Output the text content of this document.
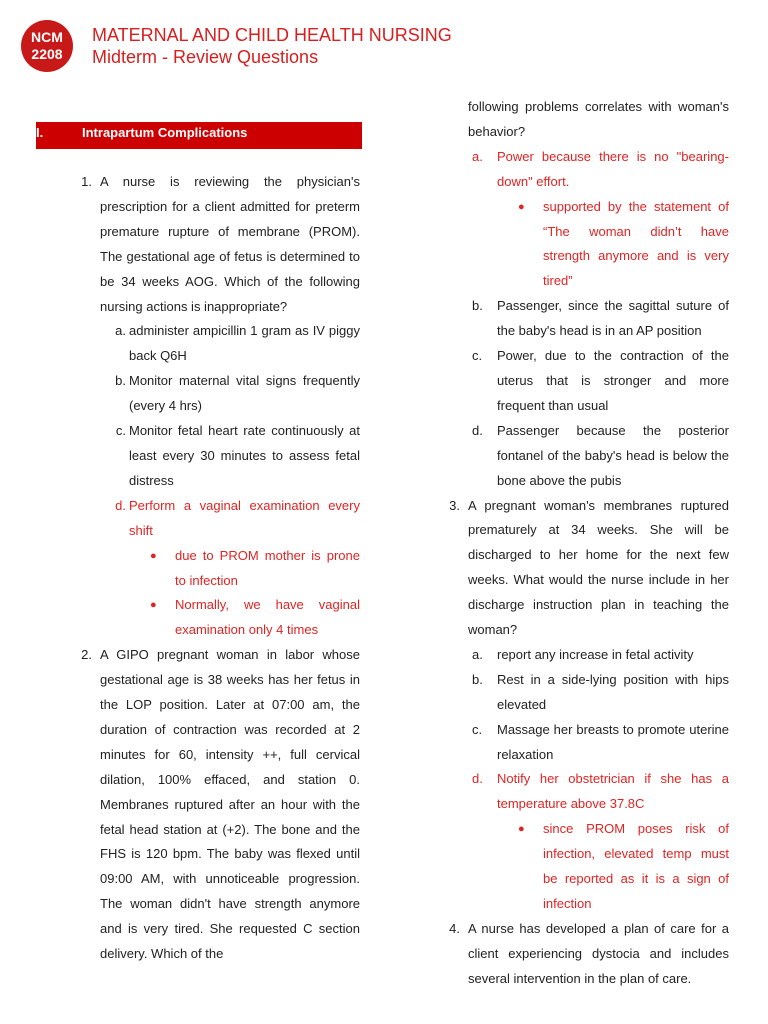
NCM
2208
MATERNAL AND CHILD HEALTH NURSING
Midterm - Review Questions
I.	Intrapartum Complications
1. A nurse is reviewing the physician's prescription for a client admitted for preterm premature rupture of membrane (PROM). The gestational age of fetus is determined to be 34 weeks AOG. Which of the following nursing actions is inappropriate?
a. administer ampicillin 1 gram as IV piggy back Q6H
b. Monitor maternal vital signs frequently (every 4 hrs)
c. Monitor fetal heart rate continuously at least every 30 minutes to assess fetal distress
d. Perform a vaginal examination every shift
● due to PROM mother is prone to infection
● Normally, we have vaginal examination only 4 times
2. A GIPO pregnant woman in labor whose gestational age is 38 weeks has her fetus in the LOP position. Later at 07:00 am, the duration of contraction was recorded at 2 minutes for 60, intensity ++, full cervical dilation, 100% effaced, and station 0. Membranes ruptured after an hour with the fetal head station at (+2). The bone and the FHS is 120 bpm. The baby was flexed until 09:00 AM, with unnoticeable progression. The woman didn't have strength anymore and is very tired. She requested C section delivery. Which of the
following problems correlates with woman's behavior?
a. Power because there is no "bearing-down" effort.
● supported by the statement of “The woman didn’t have strength anymore and is very tired”
b. Passenger, since the sagittal suture of the baby's head is in an AP position
c. Power, due to the contraction of the uterus that is stronger and more frequent than usual
d. Passenger because the posterior fontanel of the baby's head is below the bone above the pubis
3. A pregnant woman's membranes ruptured prematurely at 34 weeks. She will be discharged to her home for the next few weeks. What would the nurse include in her discharge instruction plan in teaching the woman?
a. report any increase in fetal activity
b. Rest in a side-lying position with hips elevated
c. Massage her breasts to promote uterine relaxation
d. Notify her obstetrician if she has a temperature above 37.8C
● since PROM poses risk of infection, elevated temp must be reported as it is a sign of infection
4. A nurse has developed a plan of care for a client experiencing dystocia and includes several intervention in the plan of care.
